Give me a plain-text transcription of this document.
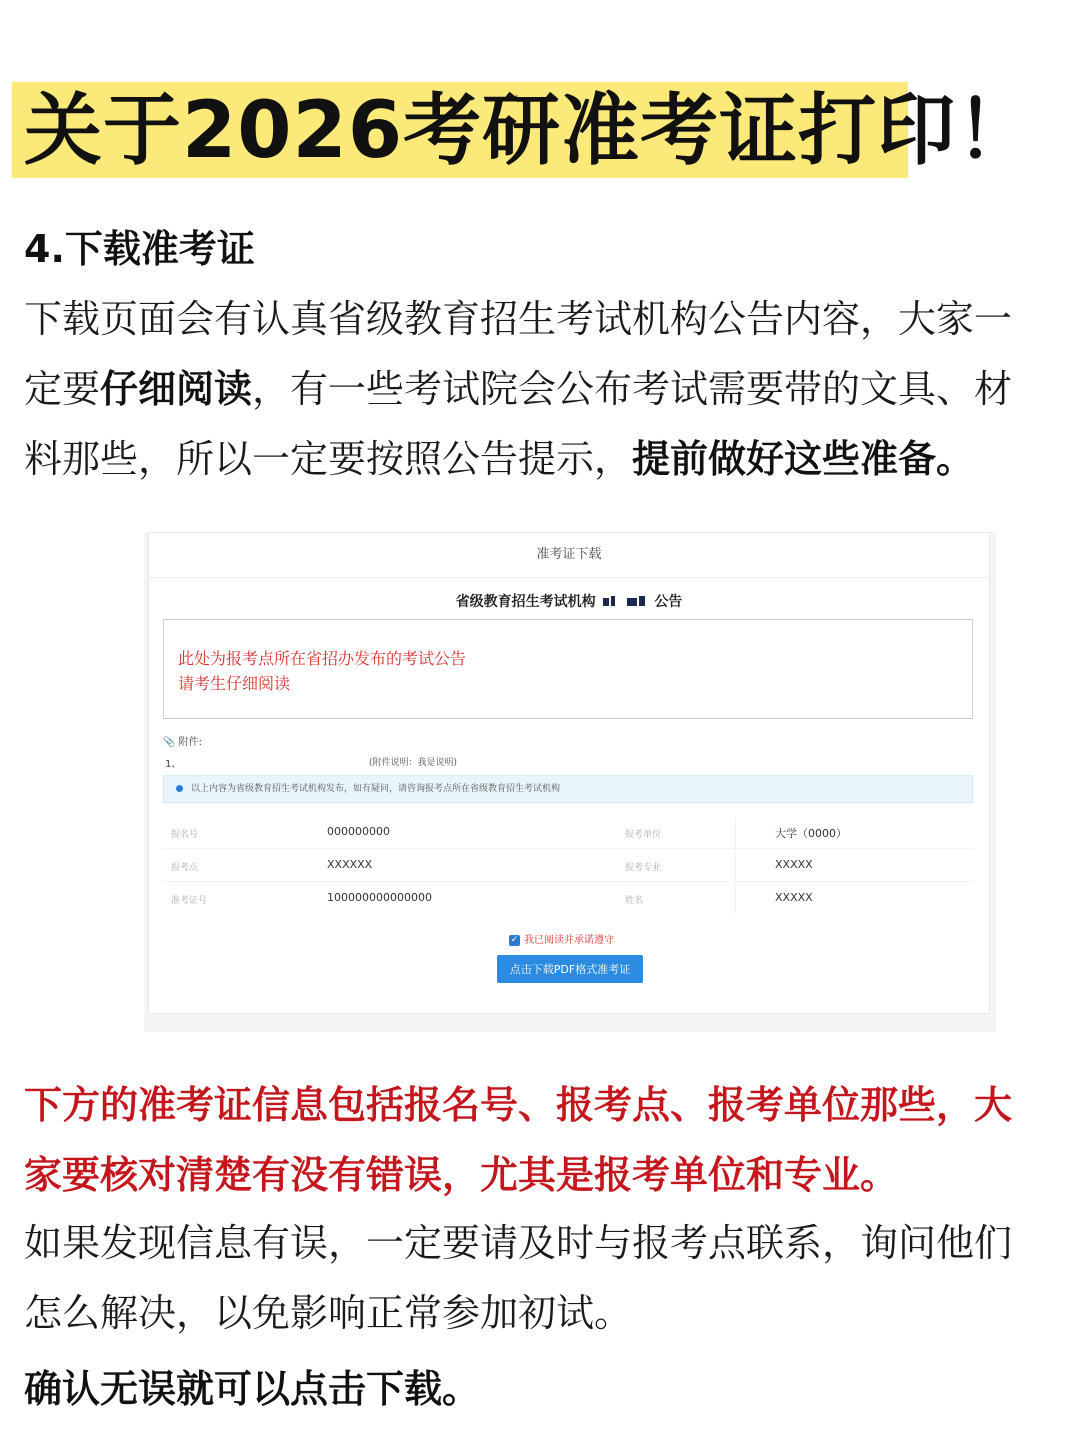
关于2026考研准考证打印！
4.下载准考证
下载页面会有认真省级教育招生考试机构公告内容，大家一定要仔细阅读，有一些考试院会公布考试需要带的文具、材料那些，所以一定要按照公告提示，提前做好这些准备。
准考证下载
省级教育招生考试机构	公告
此处为报考点所在省招办发布的考试公告
请考生仔细阅读
📎 附件:
1、	(附件说明：我是说明)
以上内容为省级教育招生考试机构发布，如有疑问，请咨询报考点所在省级教育招生考试机构
报名号	000000000	报考单位	大学（0000）
报考点	XXXXXX	报考专业	XXXXX
准考证号	100000000000000	姓名	XXXXX
✓ 我已阅读并承诺遵守
点击下载PDF格式准考证
下方的准考证信息包括报名号、报考点、报考单位那些，大家要核对清楚有没有错误，尤其是报考单位和专业。
如果发现信息有误，一定要请及时与报考点联系，询问他们怎么解决，以免影响正常参加初试。
确认无误就可以点击下载。
